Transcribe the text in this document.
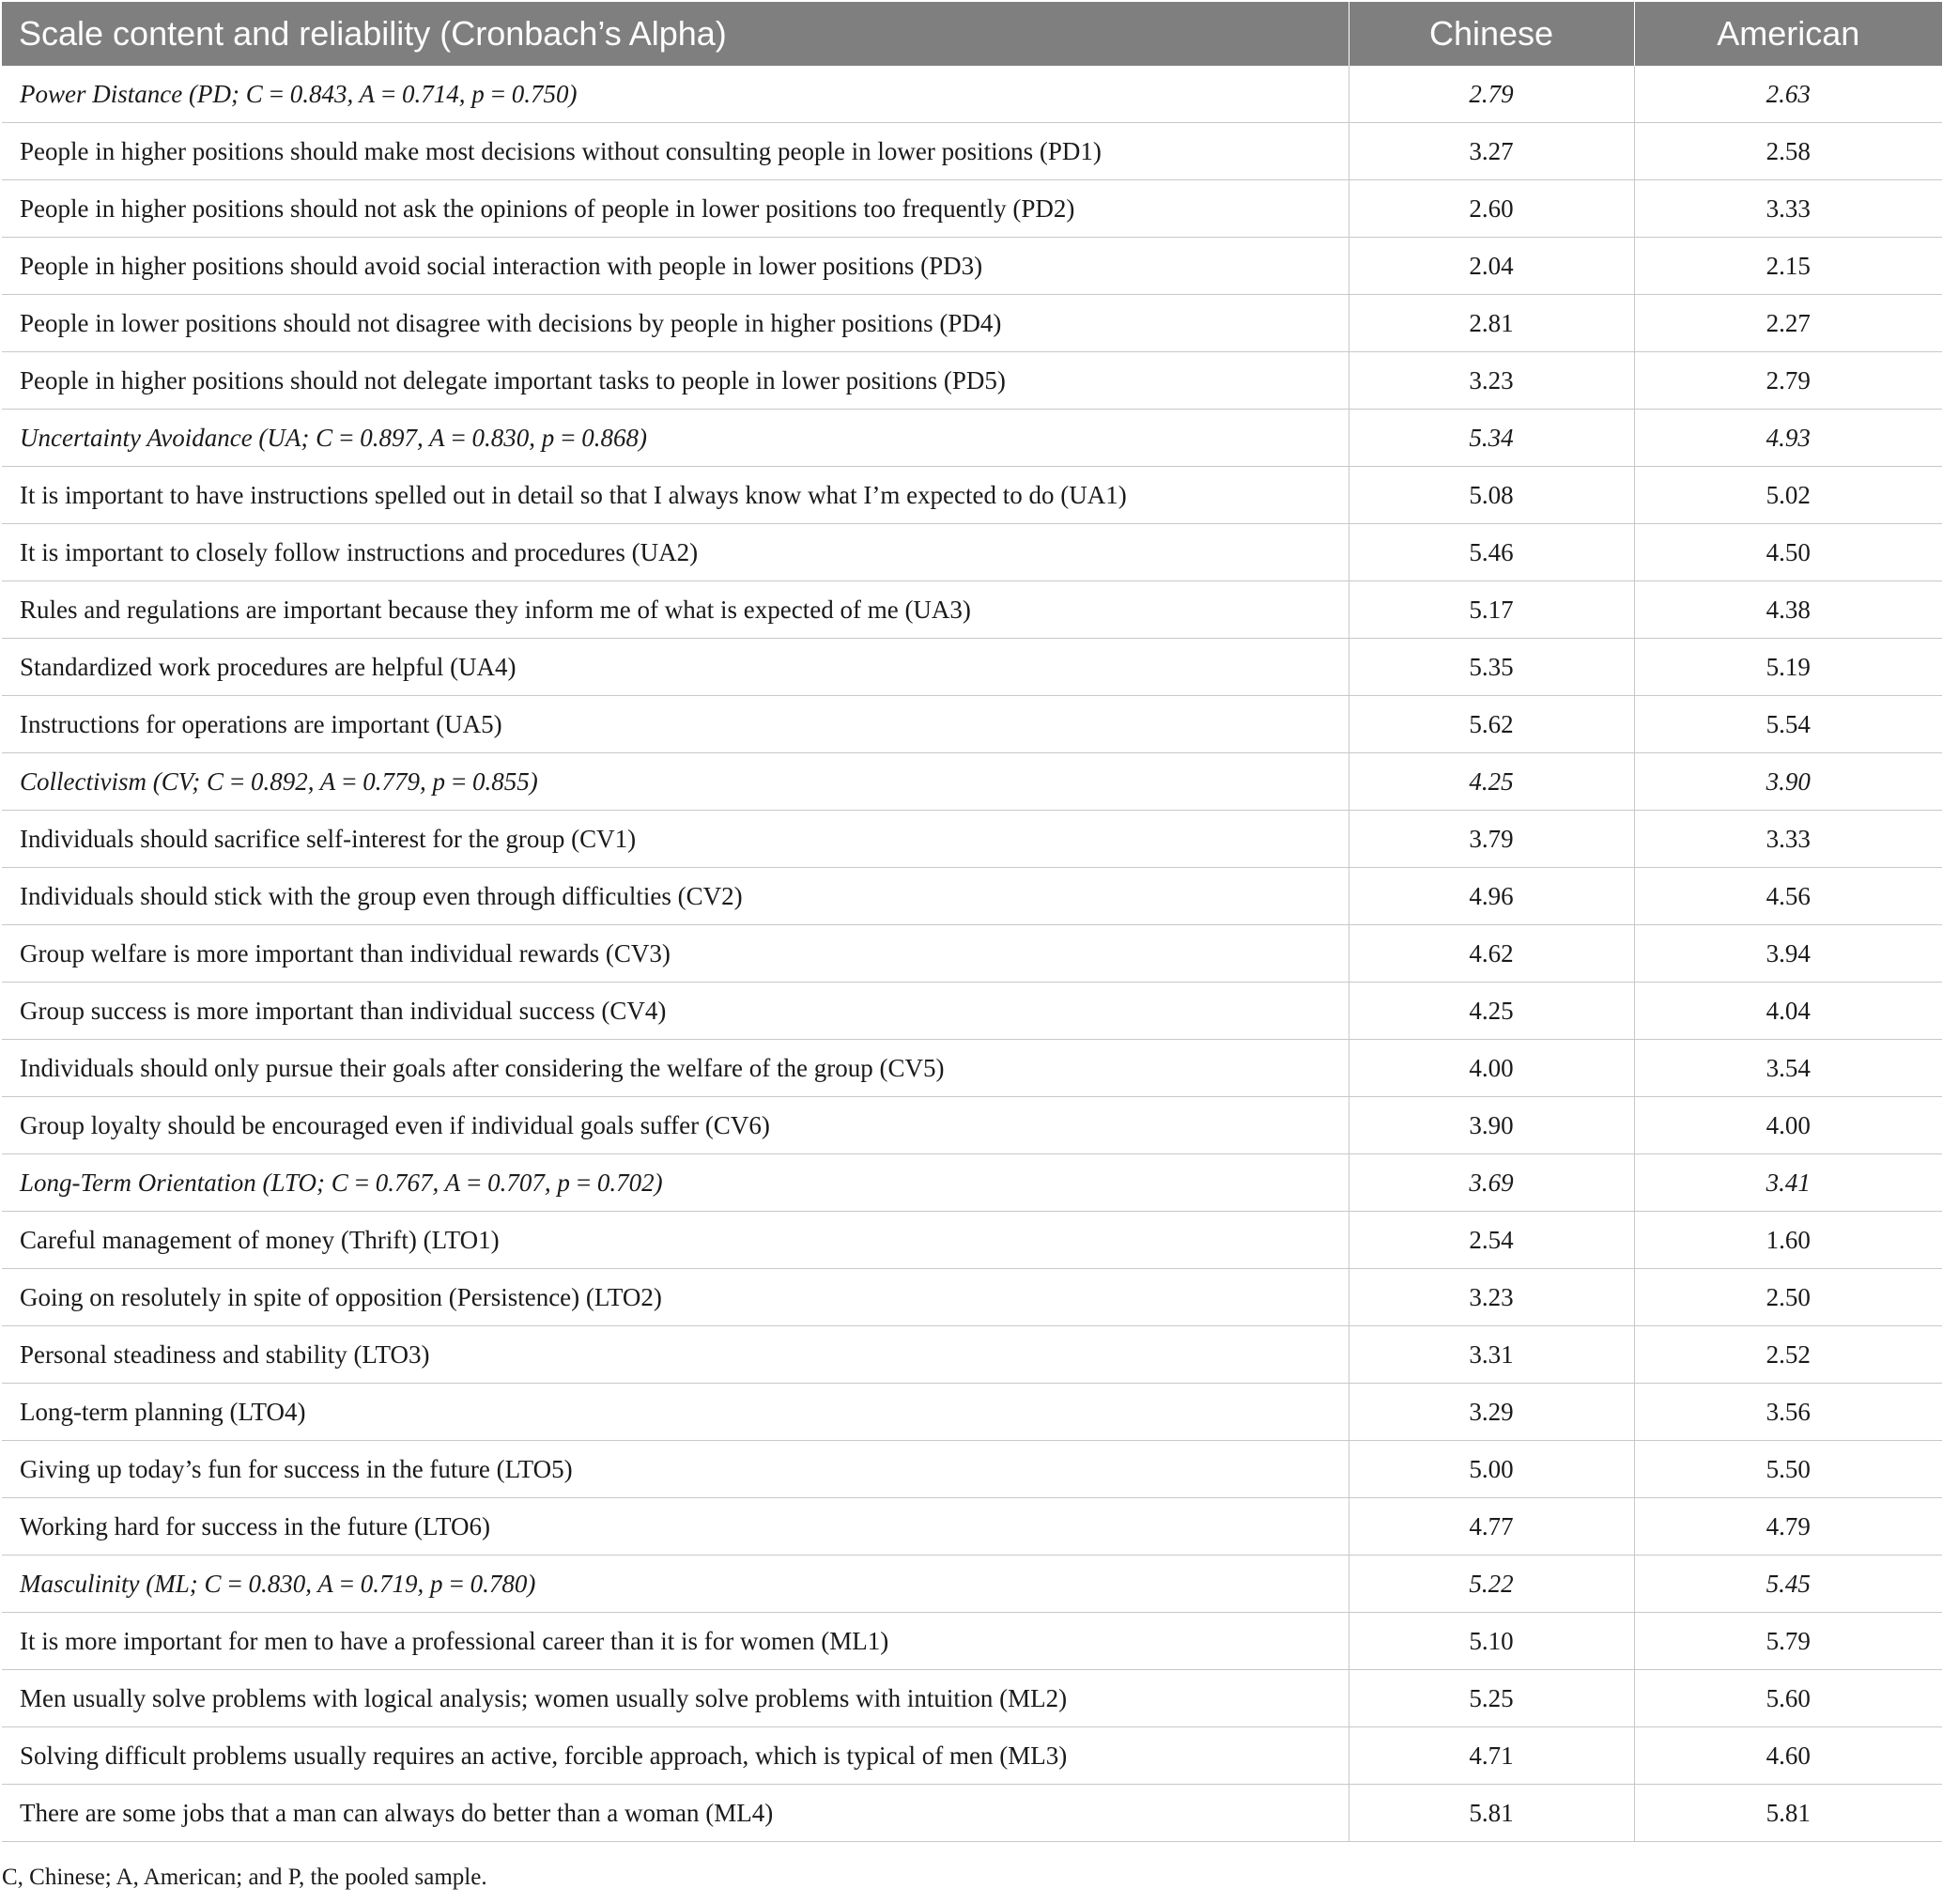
Scale content and reliability (Cronbach’s Alpha)	Chinese	American
Power Distance (PD; C = 0.843, A = 0.714, p = 0.750)	2.79	2.63
People in higher positions should make most decisions without consulting people in lower positions (PD1)	3.27	2.58
People in higher positions should not ask the opinions of people in lower positions too frequently (PD2)	2.60	3.33
People in higher positions should avoid social interaction with people in lower positions (PD3)	2.04	2.15
People in lower positions should not disagree with decisions by people in higher positions (PD4)	2.81	2.27
People in higher positions should not delegate important tasks to people in lower positions (PD5)	3.23	2.79
Uncertainty Avoidance (UA; C = 0.897, A = 0.830, p = 0.868)	5.34	4.93
It is important to have instructions spelled out in detail so that I always know what I’m expected to do (UA1)	5.08	5.02
It is important to closely follow instructions and procedures (UA2)	5.46	4.50
Rules and regulations are important because they inform me of what is expected of me (UA3)	5.17	4.38
Standardized work procedures are helpful (UA4)	5.35	5.19
Instructions for operations are important (UA5)	5.62	5.54
Collectivism (CV; C = 0.892, A = 0.779, p = 0.855)	4.25	3.90
Individuals should sacrifice self-interest for the group (CV1)	3.79	3.33
Individuals should stick with the group even through difficulties (CV2)	4.96	4.56
Group welfare is more important than individual rewards (CV3)	4.62	3.94
Group success is more important than individual success (CV4)	4.25	4.04
Individuals should only pursue their goals after considering the welfare of the group (CV5)	4.00	3.54
Group loyalty should be encouraged even if individual goals suffer (CV6)	3.90	4.00
Long-Term Orientation (LTO; C = 0.767, A = 0.707, p = 0.702)	3.69	3.41
Careful management of money (Thrift) (LTO1)	2.54	1.60
Going on resolutely in spite of opposition (Persistence) (LTO2)	3.23	2.50
Personal steadiness and stability (LTO3)	3.31	2.52
Long-term planning (LTO4)	3.29	3.56
Giving up today’s fun for success in the future (LTO5)	5.00	5.50
Working hard for success in the future (LTO6)	4.77	4.79
Masculinity (ML; C = 0.830, A = 0.719, p = 0.780)	5.22	5.45
It is more important for men to have a professional career than it is for women (ML1)	5.10	5.79
Men usually solve problems with logical analysis; women usually solve problems with intuition (ML2)	5.25	5.60
Solving difficult problems usually requires an active, forcible approach, which is typical of men (ML3)	4.71	4.60
There are some jobs that a man can always do better than a woman (ML4)	5.81	5.81
C, Chinese; A, American; and P, the pooled sample.
